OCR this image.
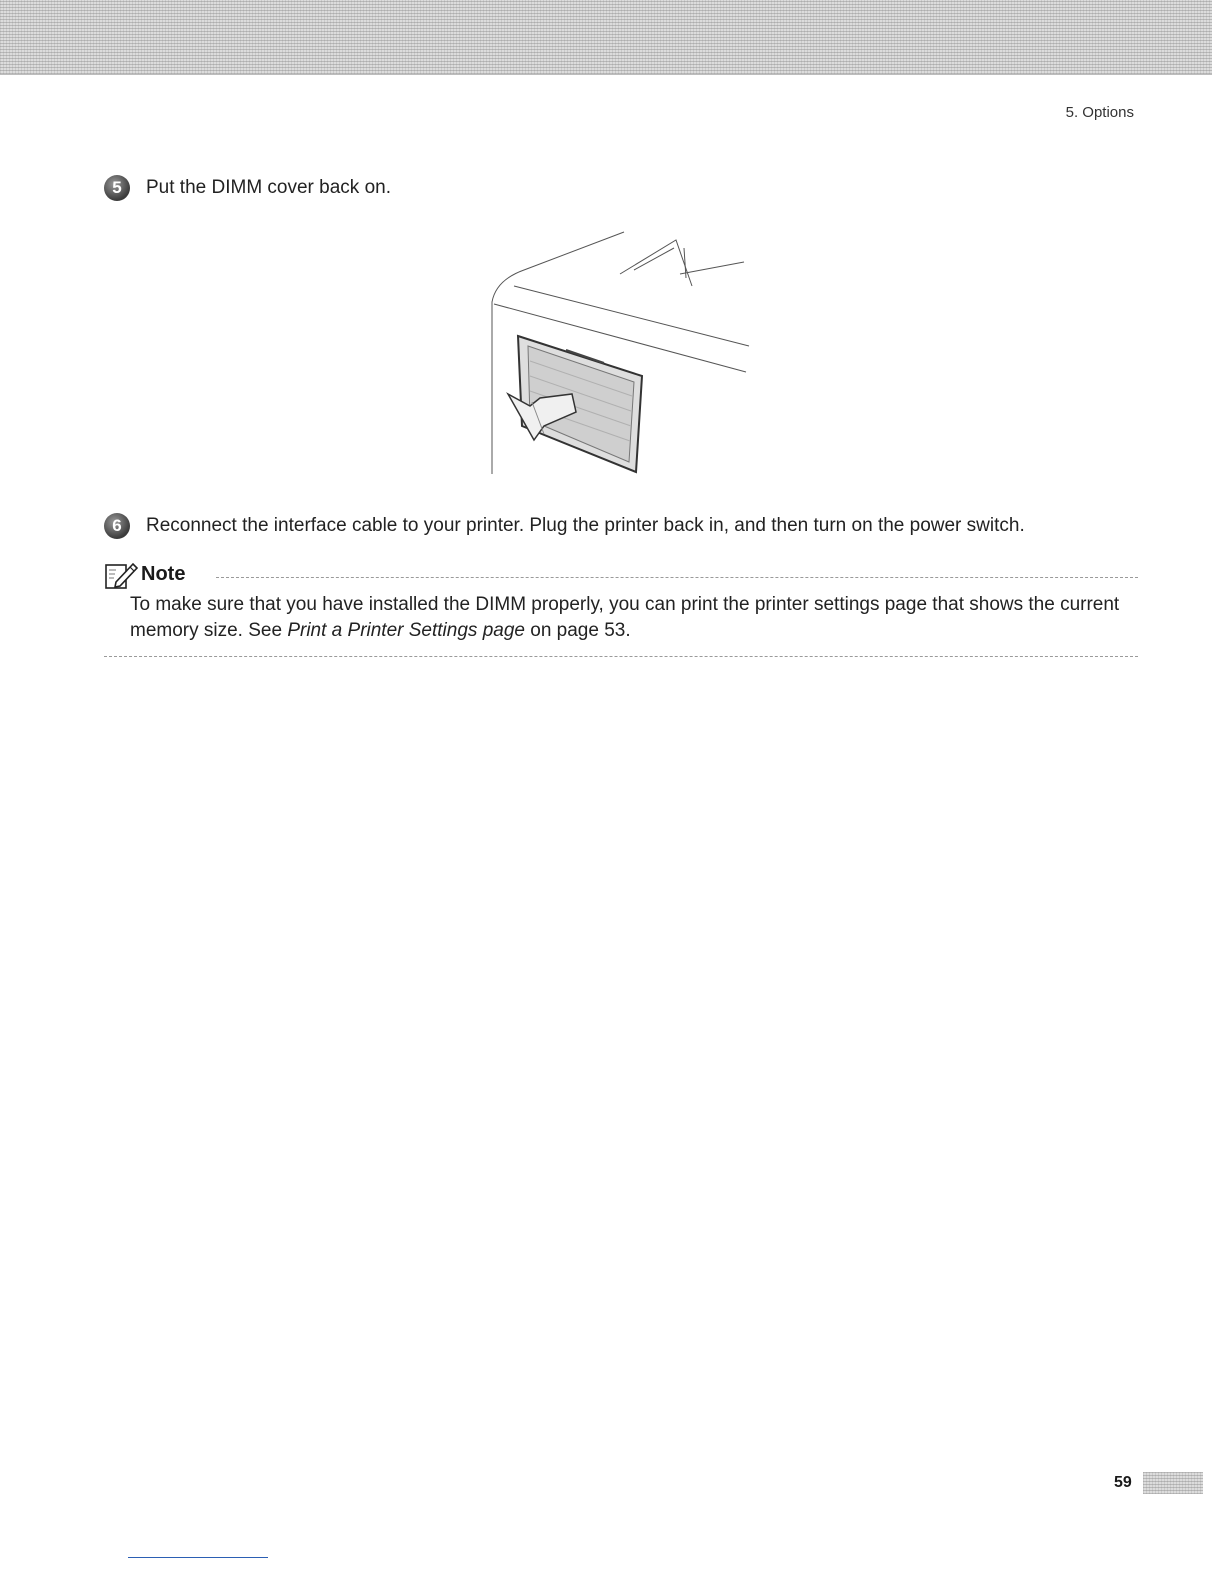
5. Options
5	Put the DIMM cover back on.
6	Reconnect the interface cable to your printer. Plug the printer back in, and then turn on the power switch.
Note
To make sure that you have installed the DIMM properly, you can print the printer settings page that shows the current memory size. See Print a Printer Settings page on page 53.
59
